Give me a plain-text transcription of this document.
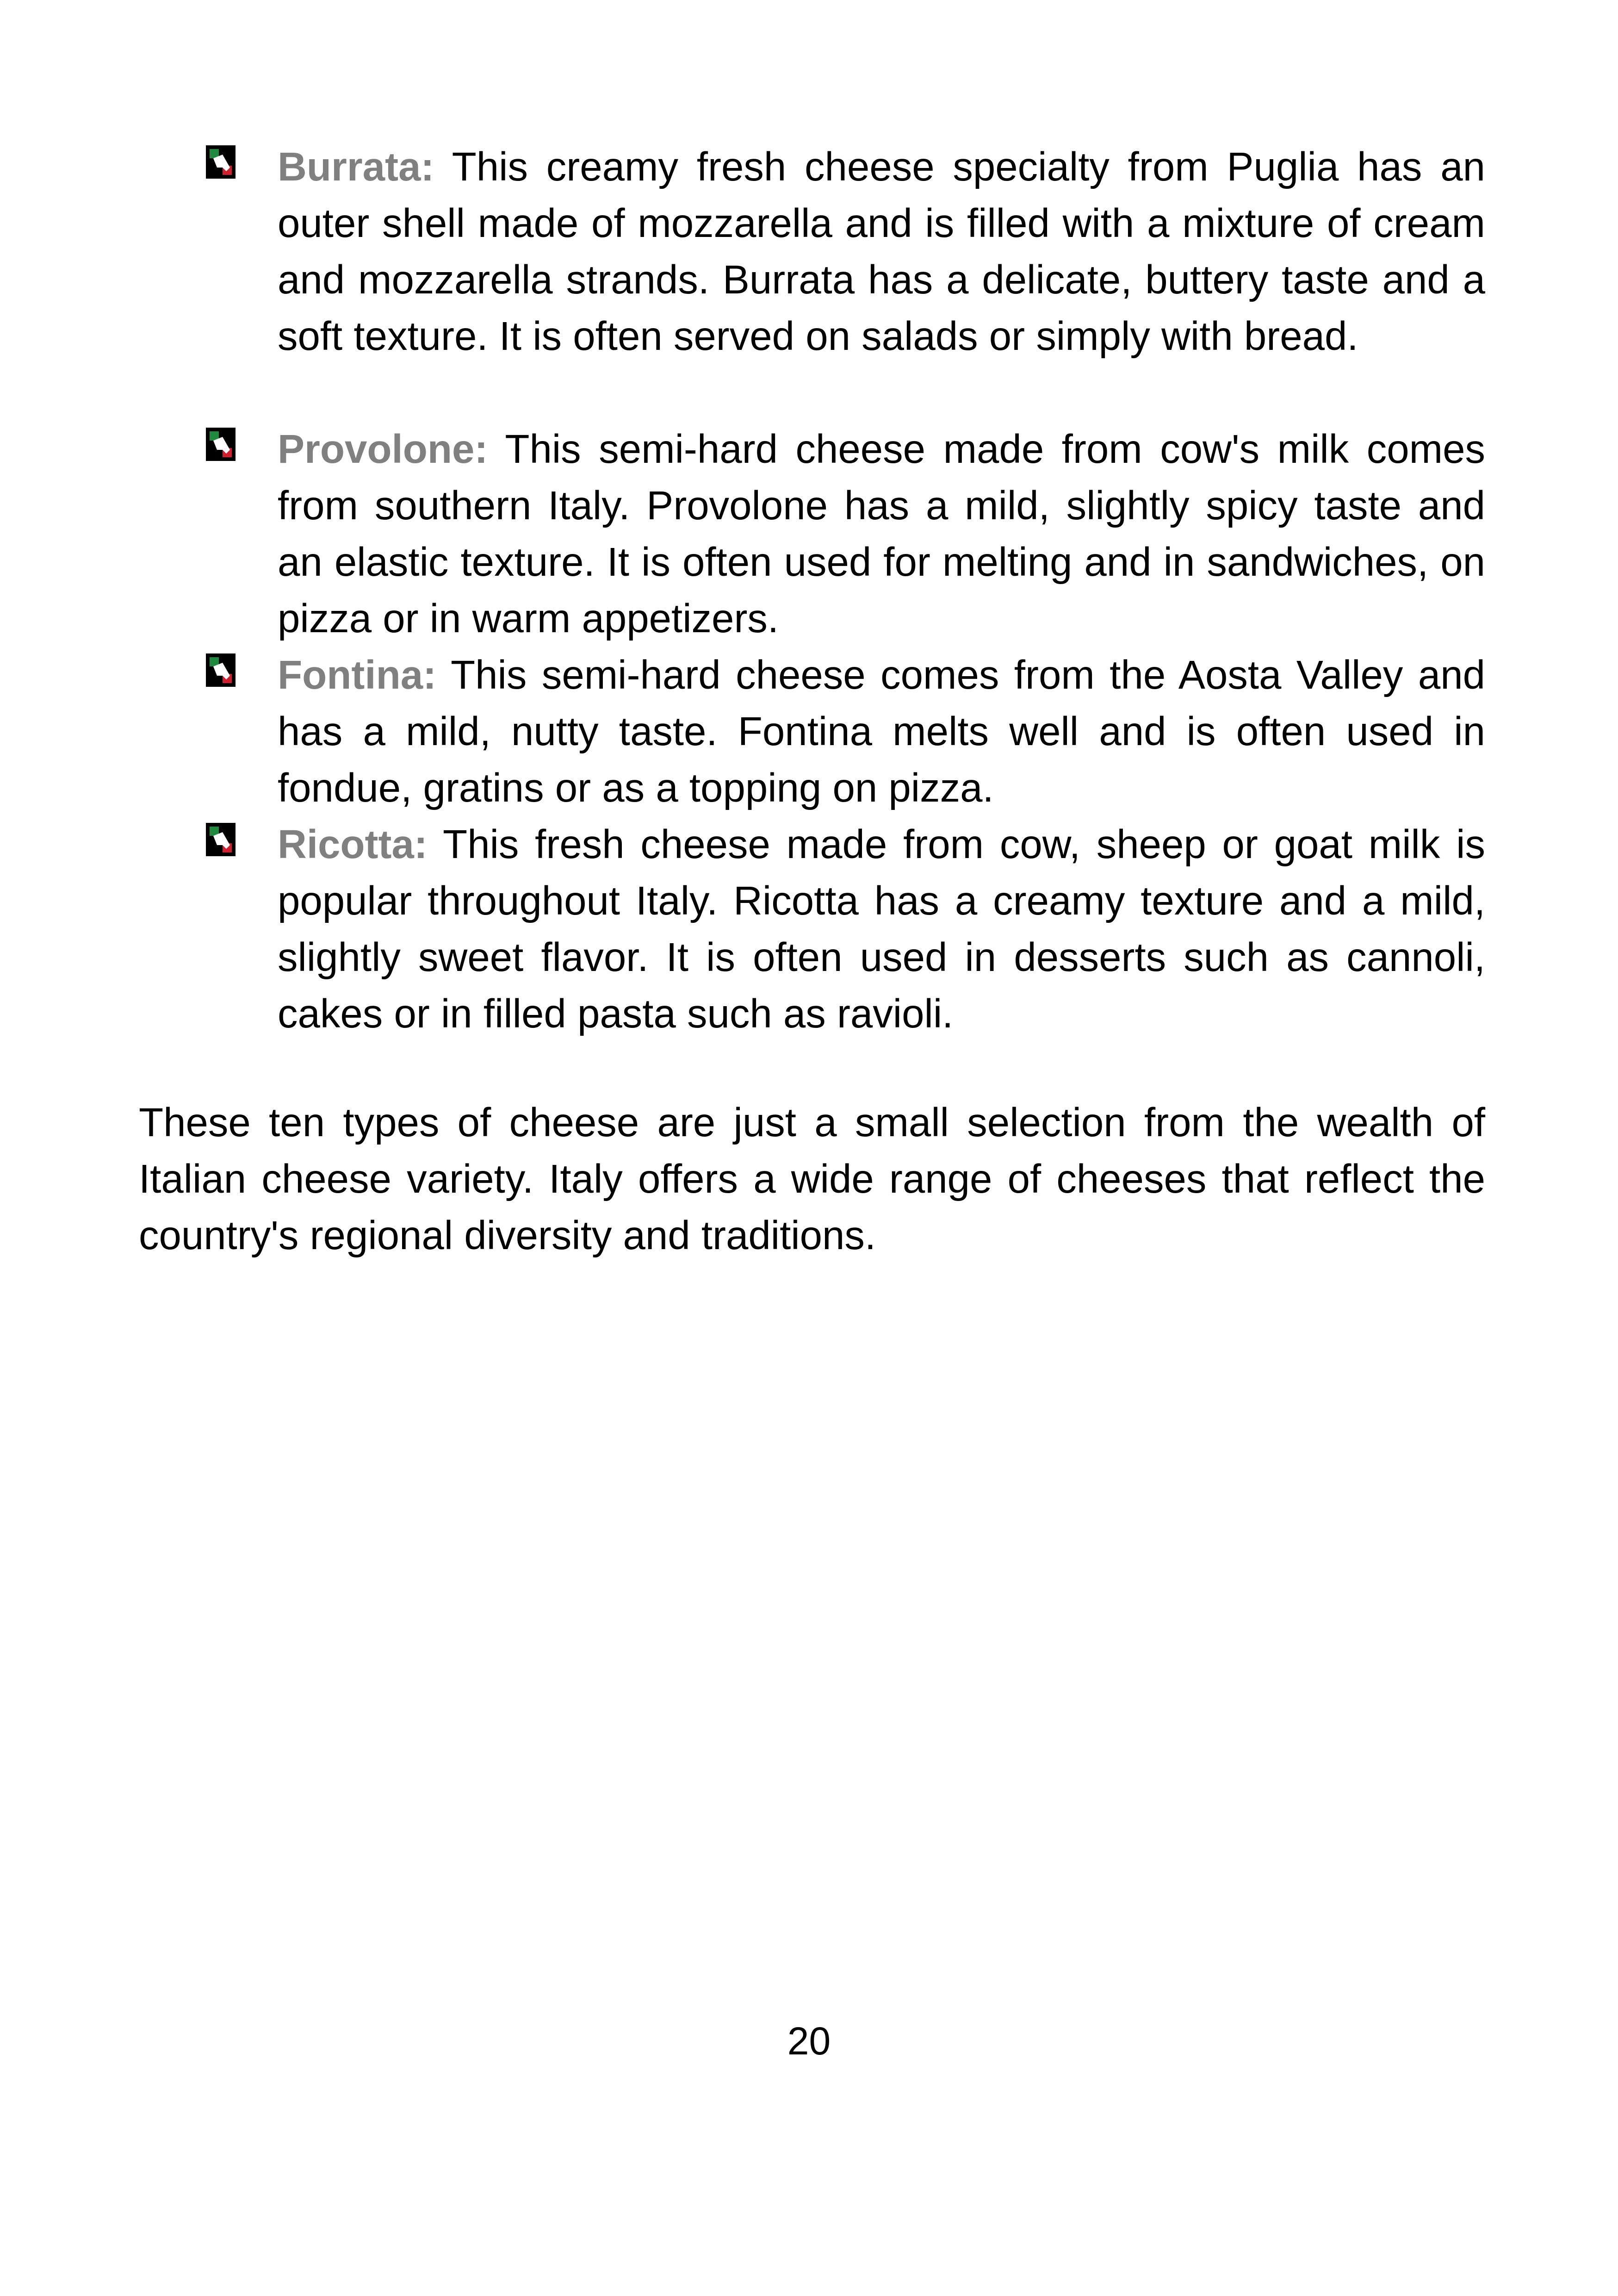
Burrata: This creamy fresh cheese specialty from Puglia has an outer shell made of mozzarella and is filled with a mixture of cream and mozzarella strands. Burrata has a delicate, buttery taste and a soft texture. It is often served on salads or simply with bread.
Provolone: This semi-hard cheese made from cow's milk comes from southern Italy. Provolone has a mild, slightly spicy taste and an elastic texture. It is often used for melting and in sandwiches, on pizza or in warm appetizers.
Fontina: This semi-hard cheese comes from the Aosta Valley and has a mild, nutty taste. Fontina melts well and is often used in fondue, gratins or as a topping on pizza.
Ricotta: This fresh cheese made from cow, sheep or goat milk is popular throughout Italy. Ricotta has a creamy texture and a mild, slightly sweet flavor. It is often used in desserts such as cannoli, cakes or in filled pasta such as ravioli.

These ten types of cheese are just a small selection from the wealth of Italian cheese variety. Italy offers a wide range of cheeses that reflect the country's regional diversity and traditions.

20
